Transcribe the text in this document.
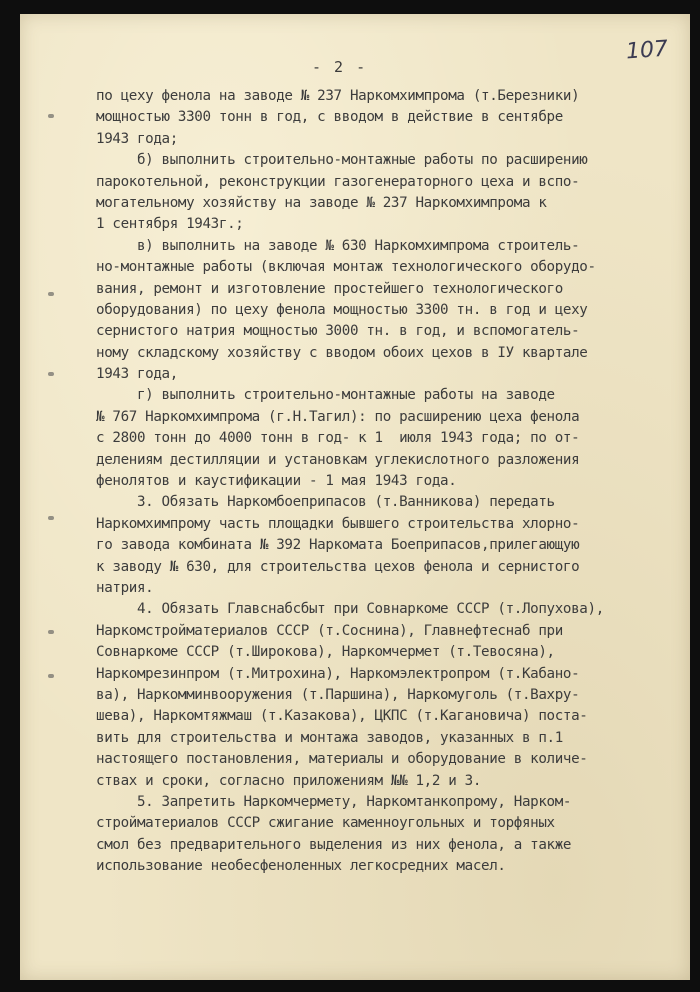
- 2 -
107
по цеху фенола на заводе № 237 Наркомхимпрома (т.Березники)
мощностью 3300 тонн в год, с вводом в действие в сентябре
1943 года;
б) выполнить строительно-монтажные работы по расширению
парокотельной, реконструкции газогенераторного цеха и вспо-
могательному хозяйству на заводе № 237 Наркомхимпрома к
1 сентября 1943г.;
в) выполнить на заводе № 630 Наркомхимпрома строитель-
но-монтажные работы (включая монтаж технологического оборудо-
вания, ремонт и изготовление простейшего технологического
оборудования) по цеху фенола мощностью 3300 тн. в год и цеху
сернистого натрия мощностью 3000 тн. в год, и вспомогатель-
ному складскому хозяйству с вводом обоих цехов в IУ квартале
1943 года,
г) выполнить строительно-монтажные работы на заводе
№ 767 Наркомхимпрома (г.Н.Тагил): по расширению цеха фенола
с 2800 тонн до 4000 тонн в год- к 1  июля 1943 года; по от-
делениям дестилляции и установкам углекислотного разложения
фенолятов и каустификации - 1 мая 1943 года.
3. Обязать Наркомбоеприпасов (т.Ванникова) передать
Наркомхимпрому часть площадки бывшего строительства хлорно-
го завода комбината № 392 Наркомата Боеприпасов,прилегающую
к заводу № 630, для строительства цехов фенола и сернистого
натрия.
4. Обязать Главснабсбыт при Совнаркоме СССР (т.Лопухова),
Наркомстройматериалов СССР (т.Соснина), Главнефтеснаб при
Совнаркоме СССР (т.Широкова), Наркомчермет (т.Тевосяна),
Наркомрезинпром (т.Митрохина), Наркомэлектропром (т.Кабано-
ва), Наркомминвооружения (т.Паршина), Наркомуголь (т.Вахру-
шева), Наркомтяжмаш (т.Казакова), ЦКПС (т.Кагановича) поста-
вить для строительства и монтажа заводов, указанных в п.1
настоящего постановления, материалы и оборудование в количе-
ствах и сроки, согласно приложениям №№ 1,2 и 3.
5. Запретить Наркомчермету, Наркомтанкопрому, Нарком-
стройматериалов СССР сжигание каменноугольных и торфяных
смол без предварительного выделения из них фенола, а также
использование необесфеноленных легкосредних масел.
